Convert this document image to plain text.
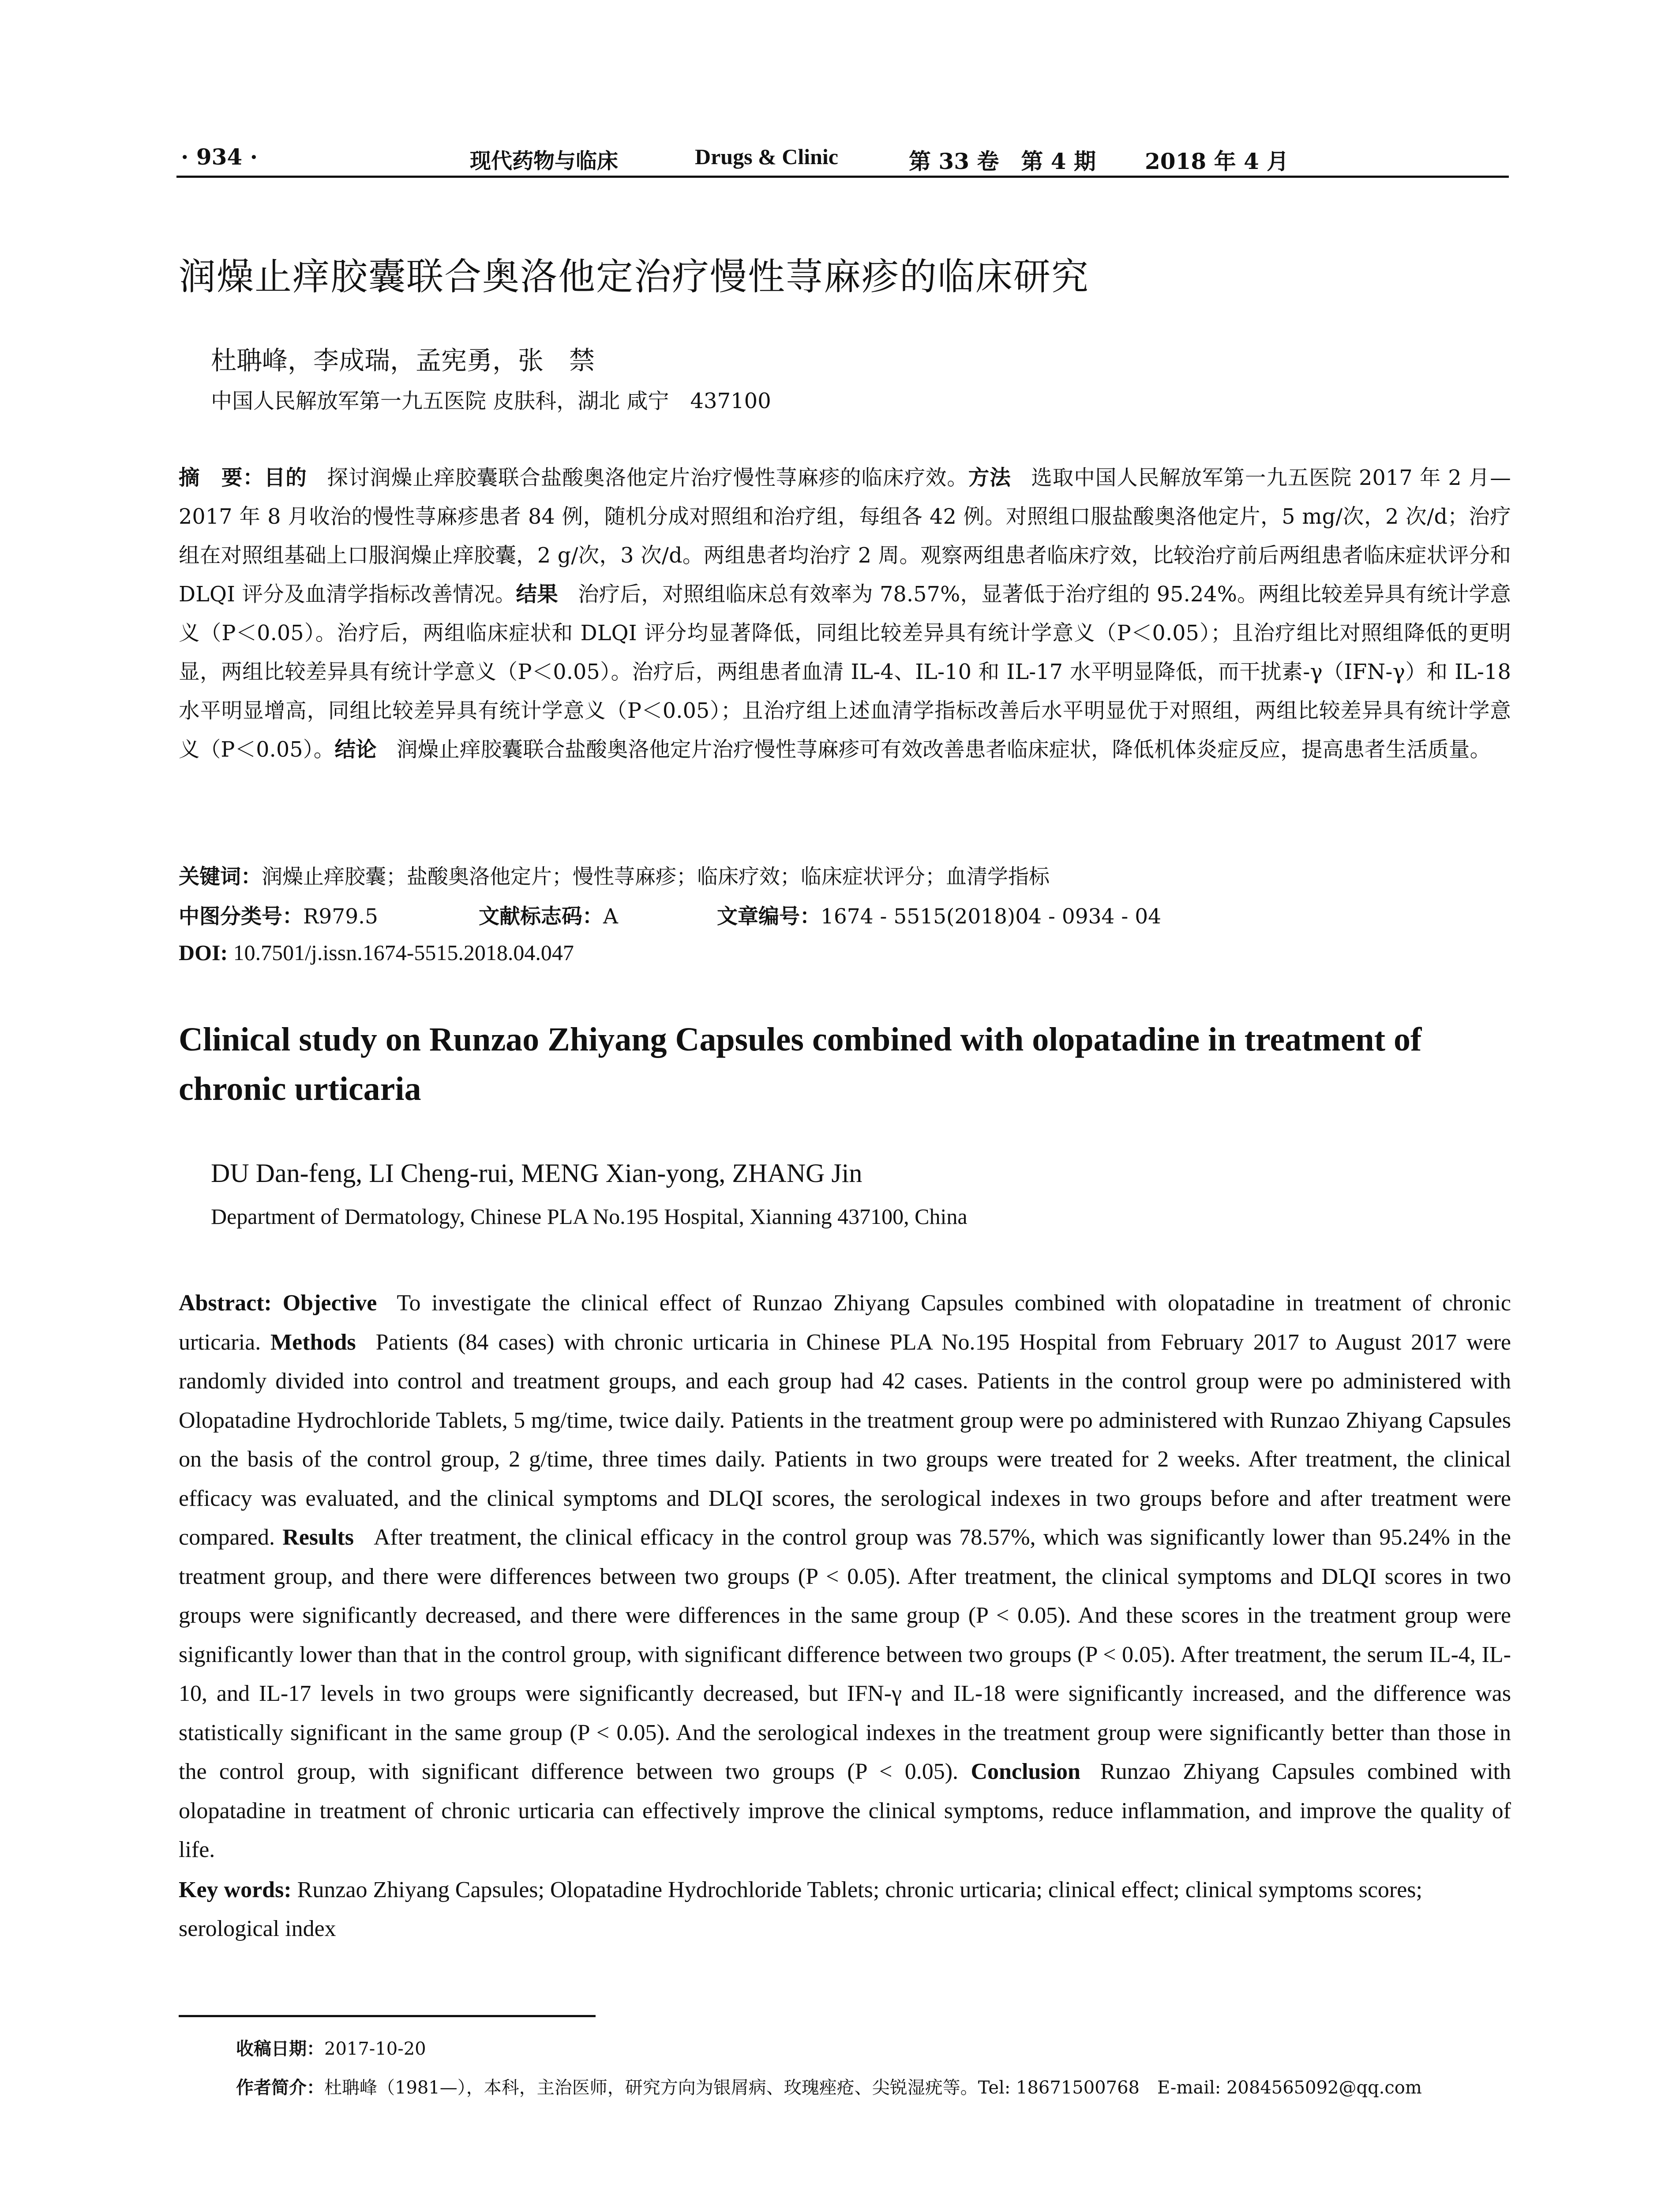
· 934 ·	现代药物与临床	Drugs & Clinic	第 33 卷　第 4 期 2018 年 4 月
润燥止痒胶囊联合奥洛他定治疗慢性荨麻疹的临床研究
杜聃峰，李成瑞，孟宪勇，张　禁
中国人民解放军第一九五医院 皮肤科，湖北 咸宁　437100
摘　要：目的 探讨润燥止痒胶囊联合盐酸奥洛他定片治疗慢性荨麻疹的临床疗效。方法 选取中国人民解放军第一九五医院 2017 年 2 月—2017 年 8 月收治的慢性荨麻疹患者 84 例，随机分成对照组和治疗组，每组各 42 例。对照组口服盐酸奥洛他定片，5 mg/次，2 次/d；治疗组在对照组基础上口服润燥止痒胶囊，2 g/次，3 次/d。两组患者均治疗 2 周。观察两组患者临床疗效，比较治疗前后两组患者临床症状评分和 DLQI 评分及血清学指标改善情况。结果 治疗后，对照组临床总有效率为 78.57%，显著低于治疗组的 95.24%。两组比较差异具有统计学意义（P＜0.05）。治疗后，两组临床症状和 DLQI 评分均显著降低，同组比较差异具有统计学意义（P＜0.05）；且治疗组比对照组降低的更明显，两组比较差异具有统计学意义（P＜0.05）。治疗后，两组患者血清 IL-4、IL-10 和 IL-17 水平明显降低，而干扰素-γ（IFN-γ）和 IL-18 水平明显增高，同组比较差异具有统计学意义（P＜0.05）；且治疗组上述血清学指标改善后水平明显优于对照组，两组比较差异具有统计学意义（P＜0.05）。结论 润燥止痒胶囊联合盐酸奥洛他定片治疗慢性荨麻疹可有效改善患者临床症状，降低机体炎症反应，提高患者生活质量。
关键词：润燥止痒胶囊；盐酸奥洛他定片；慢性荨麻疹；临床疗效；临床症状评分；血清学指标
中图分类号：R979.5	文献标志码：A	文章编号：1674 - 5515(2018)04 - 0934 - 04
DOI: 10.7501/j.issn.1674-5515.2018.04.047
Clinical study on Runzao Zhiyang Capsules combined with olopatadine in treatment of chronic urticaria
DU Dan-feng, LI Cheng-rui, MENG Xian-yong, ZHANG Jin
Department of Dermatology, Chinese PLA No.195 Hospital, Xianning 437100, China
Abstract: Objective To investigate the clinical effect of Runzao Zhiyang Capsules combined with olopatadine in treatment of chronic urticaria. Methods Patients (84 cases) with chronic urticaria in Chinese PLA No.195 Hospital from February 2017 to August 2017 were randomly divided into control and treatment groups, and each group had 42 cases. Patients in the control group were po administered with Olopatadine Hydrochloride Tablets, 5 mg/time, twice daily. Patients in the treatment group were po administered with Runzao Zhiyang Capsules on the basis of the control group, 2 g/time, three times daily. Patients in two groups were treated for 2 weeks. After treatment, the clinical efficacy was evaluated, and the clinical symptoms and DLQI scores, the serological indexes in two groups before and after treatment were compared. Results After treatment, the clinical efficacy in the control group was 78.57%, which was significantly lower than 95.24% in the treatment group, and there were differences between two groups (P < 0.05). After treatment, the clinical symptoms and DLQI scores in two groups were significantly decreased, and there were differences in the same group (P < 0.05). And these scores in the treatment group were significantly lower than that in the control group, with significant difference between two groups (P < 0.05). After treatment, the serum IL-4, IL-10, and IL-17 levels in two groups were significantly decreased, but IFN-γ and IL-18 were significantly increased, and the difference was statistically significant in the same group (P < 0.05). And the serological indexes in the treatment group were significantly better than those in the control group, with significant difference between two groups (P < 0.05). Conclusion Runzao Zhiyang Capsules combined with olopatadine in treatment of chronic urticaria can effectively improve the clinical symptoms, reduce inflammation, and improve the quality of life.
Key words: Runzao Zhiyang Capsules; Olopatadine Hydrochloride Tablets; chronic urticaria; clinical effect; clinical symptoms scores; serological index
收稿日期：2017-10-20
作者简介：杜聃峰（1981—），本科，主治医师，研究方向为银屑病、玫瑰痤疮、尖锐湿疣等。Tel: 18671500768　E-mail: 2084565092@qq.com
